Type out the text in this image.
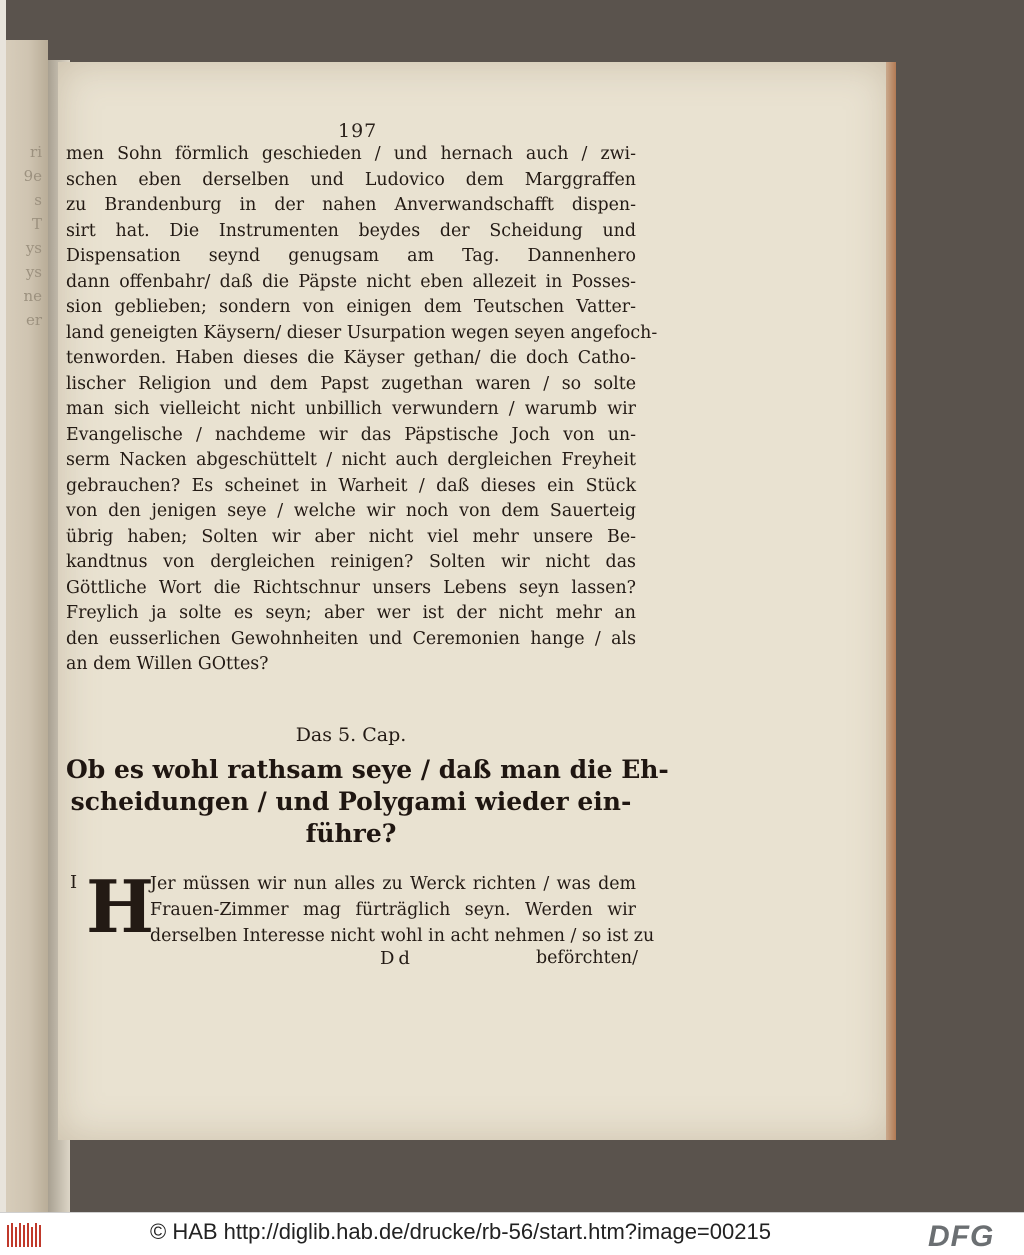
ri
9e
s
T
ys
ys
ne
er
197
men Sohn förmlich geschieden / und hernach auch / zwi-
schen eben derselben und Ludovico dem Marggraffen
zu Brandenburg in der nahen Anverwandschafft dispen-
sirt hat. Die Instrumenten beydes der Scheidung und
Dispensation seynd genugsam am Tag. Dannenhero
dann offenbahr/ daß die Päpste nicht eben allezeit in Posses-
sion geblieben; sondern von einigen dem Teutschen Vatter-
land geneigten Käysern/ dieser Usurpation wegen seyen angefoch-
tenworden. Haben dieses die Käyser gethan/ die doch Catho-
lischer Religion und dem Papst zugethan waren / so solte
man sich vielleicht nicht unbillich verwundern / warumb wir
Evangelische / nachdeme wir das Päpstische Joch von un-
serm Nacken abgeschüttelt / nicht auch dergleichen Freyheit
gebrauchen? Es scheinet in Warheit / daß dieses ein Stück
von den jenigen seye / welche wir noch von dem Sauerteig
übrig haben; Solten wir aber nicht viel mehr unsere Be-
kandtnus von dergleichen reinigen? Solten wir nicht das
Göttliche Wort die Richtschnur unsers Lebens seyn lassen?
Freylich ja solte es seyn; aber wer ist der nicht mehr an
den eusserlichen Gewohnheiten und Ceremonien hange / als
an dem Willen GOttes?
Das 5. Cap.
Ob es wohl rathsam seye / daß man die Eh-
scheidungen / und Polygami wieder ein-
führe?
I H
Jer müssen wir nun alles zu Werck richten / was dem
Frauen-Zimmer mag fürträglich seyn. Werden wir
derselben Interesse nicht wohl in acht nehmen / so ist zu
Dd	beförchten/
© HAB http://diglib.hab.de/drucke/rb-56/start.htm?image=00215	DFG
